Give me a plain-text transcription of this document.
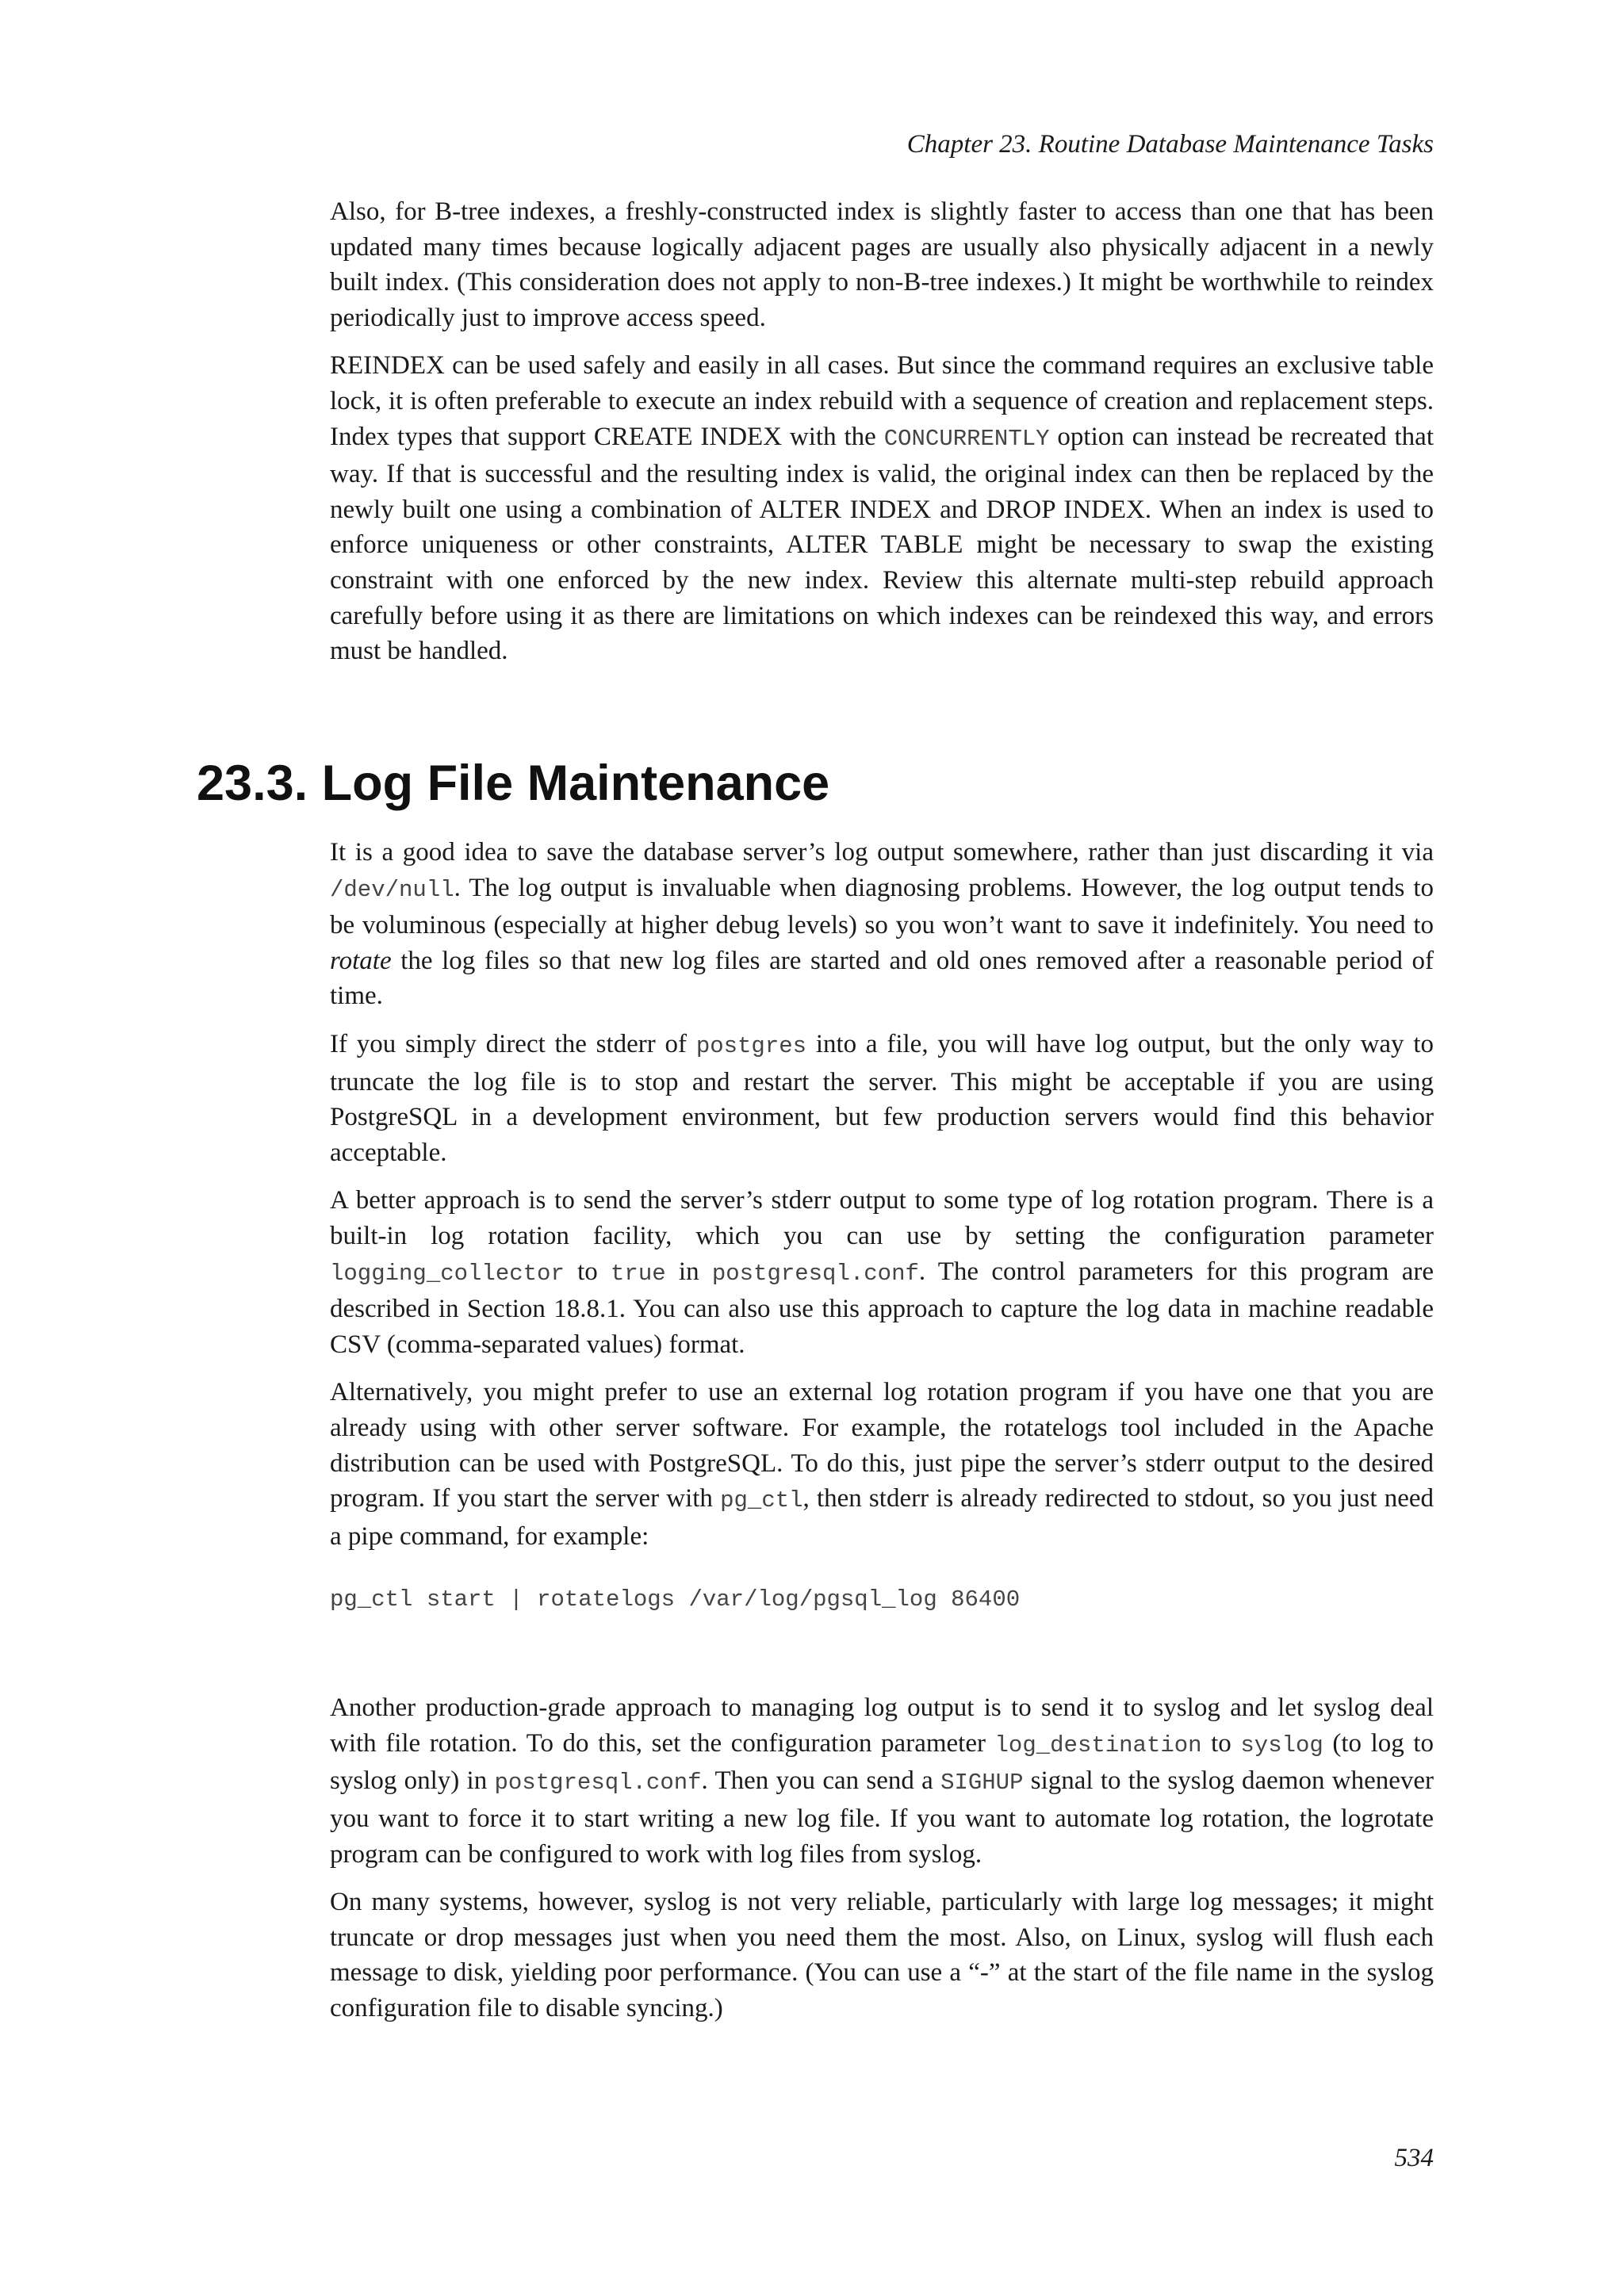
Chapter 23. Routine Database Maintenance Tasks

Also, for B-tree indexes, a freshly-constructed index is slightly faster to access than one that has been updated many times because logically adjacent pages are usually also physically adjacent in a newly built index. (This consideration does not apply to non-B-tree indexes.) It might be worthwhile to reindex periodically just to improve access speed.

REINDEX can be used safely and easily in all cases. But since the command requires an exclusive table lock, it is often preferable to execute an index rebuild with a sequence of creation and replacement steps. Index types that support CREATE INDEX with the CONCURRENTLY option can instead be recreated that way. If that is successful and the resulting index is valid, the original index can then be replaced by the newly built one using a combination of ALTER INDEX and DROP INDEX. When an index is used to enforce uniqueness or other constraints, ALTER TABLE might be necessary to swap the existing constraint with one enforced by the new index. Review this alternate multi-step rebuild approach carefully before using it as there are limitations on which indexes can be reindexed this way, and errors must be handled.

23.3. Log File Maintenance

It is a good idea to save the database server’s log output somewhere, rather than just discarding it via /dev/null. The log output is invaluable when diagnosing problems. However, the log output tends to be voluminous (especially at higher debug levels) so you won’t want to save it indefinitely. You need to rotate the log files so that new log files are started and old ones removed after a reasonable period of time.

If you simply direct the stderr of postgres into a file, you will have log output, but the only way to truncate the log file is to stop and restart the server. This might be acceptable if you are using PostgreSQL in a development environment, but few production servers would find this behavior acceptable.

A better approach is to send the server’s stderr output to some type of log rotation program. There is a built-in log rotation facility, which you can use by setting the configuration parameter logging_collector to true in postgresql.conf. The control parameters for this program are described in Section 18.8.1. You can also use this approach to capture the log data in machine readable CSV (comma-separated values) format.

Alternatively, you might prefer to use an external log rotation program if you have one that you are already using with other server software. For example, the rotatelogs tool included in the Apache distribution can be used with PostgreSQL. To do this, just pipe the server’s stderr output to the desired program. If you start the server with pg_ctl, then stderr is already redirected to stdout, so you just need a pipe command, for example:

pg_ctl start | rotatelogs /var/log/pgsql_log 86400

Another production-grade approach to managing log output is to send it to syslog and let syslog deal with file rotation. To do this, set the configuration parameter log_destination to syslog (to log to syslog only) in postgresql.conf. Then you can send a SIGHUP signal to the syslog daemon whenever you want to force it to start writing a new log file. If you want to automate log rotation, the logrotate program can be configured to work with log files from syslog.

On many systems, however, syslog is not very reliable, particularly with large log messages; it might truncate or drop messages just when you need them the most. Also, on Linux, syslog will flush each message to disk, yielding poor performance. (You can use a “-” at the start of the file name in the syslog configuration file to disable syncing.)

534
